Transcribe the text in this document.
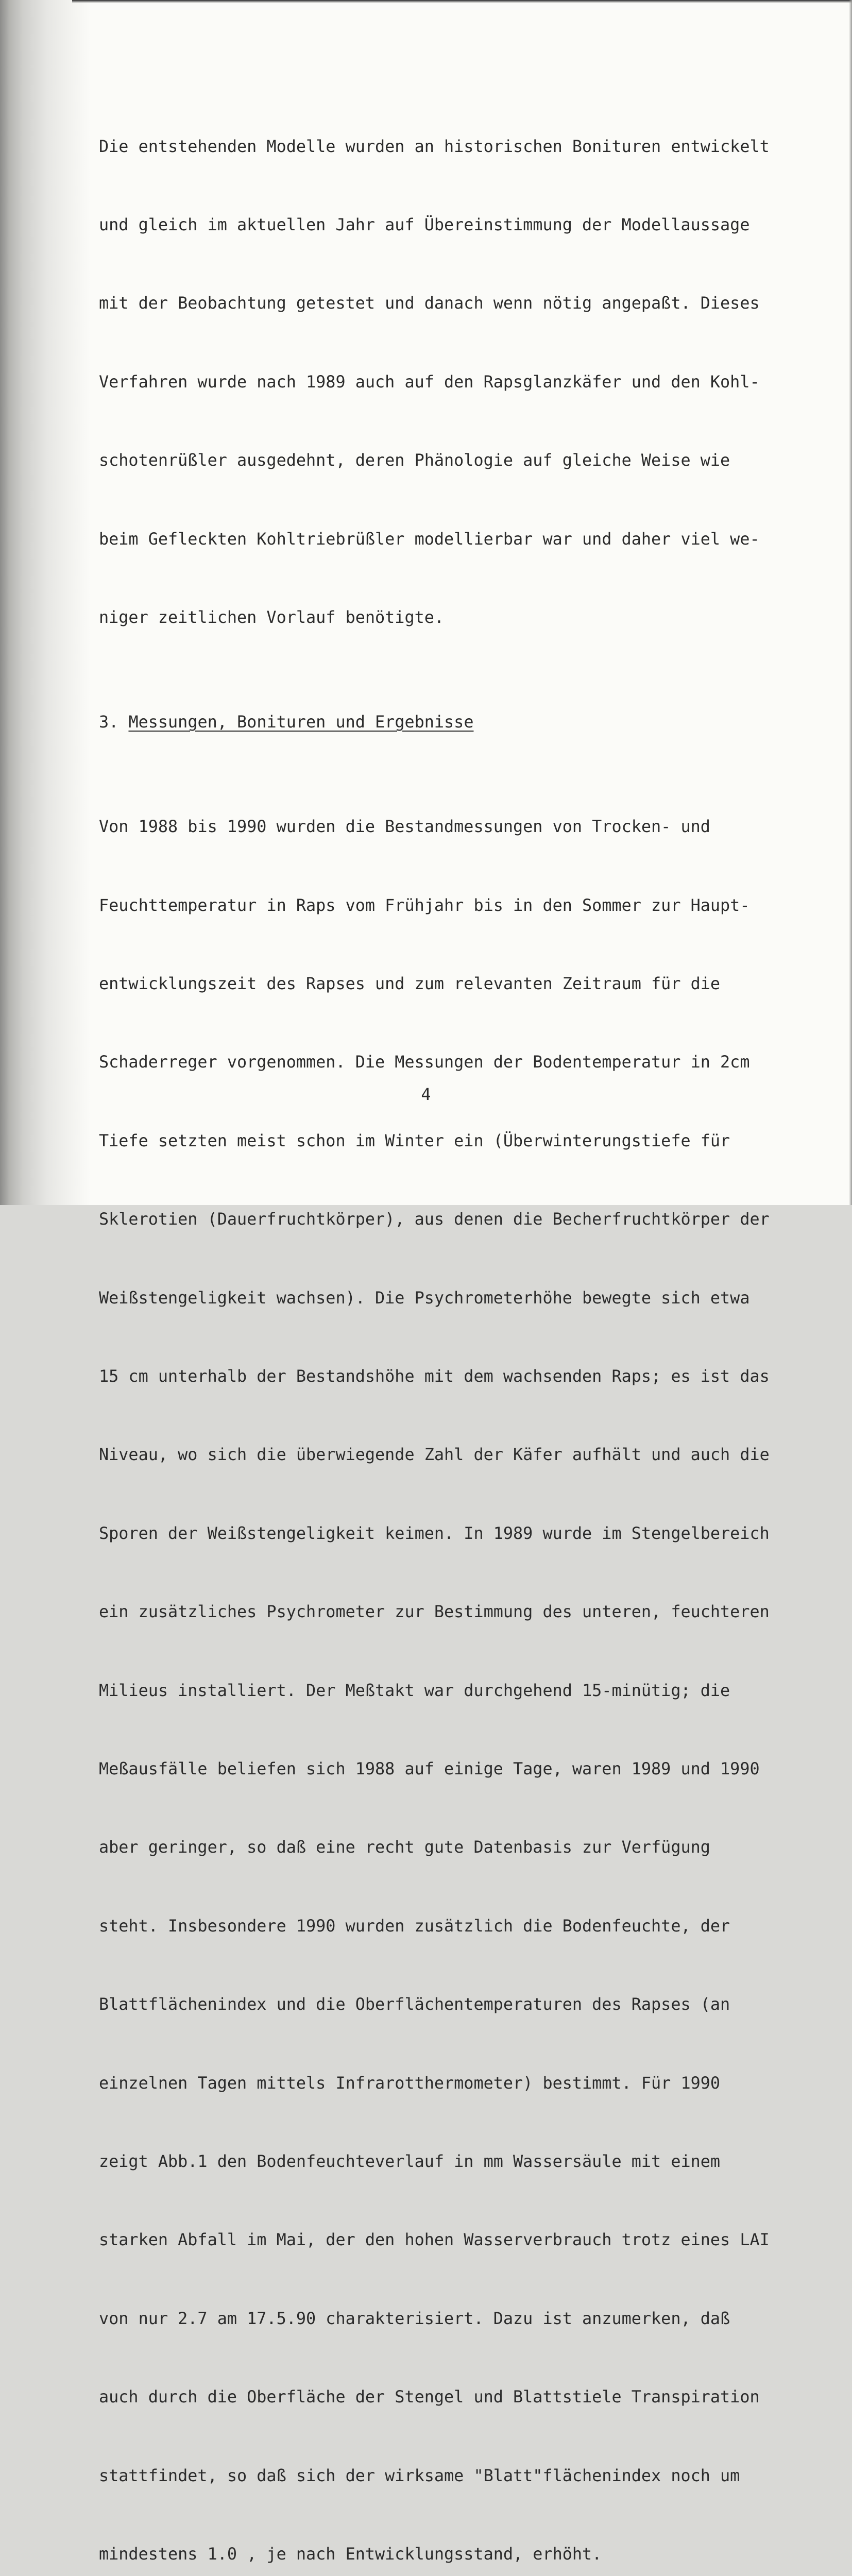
Die entstehenden Modelle wurden an historischen Bonituren entwickelt

und gleich im aktuellen Jahr auf Übereinstimmung der Modellaussage

mit der Beobachtung getestet und danach wenn nötig angepaßt. Dieses

Verfahren wurde nach 1989 auch auf den Rapsglanzkäfer und den Kohl-

schotenrüßler ausgedehnt, deren Phänologie auf gleiche Weise wie

beim Gefleckten Kohltriebrüßler modellierbar war und daher viel we-

niger zeitlichen Vorlauf benötigte.

3. Messungen, Bonituren und Ergebnisse

Von 1988 bis 1990 wurden die Bestandmessungen von Trocken- und

Feuchttemperatur in Raps vom Frühjahr bis in den Sommer zur Haupt-

entwicklungszeit des Rapses und zum relevanten Zeitraum für die

Schaderreger vorgenommen. Die Messungen der Bodentemperatur in 2cm

Tiefe setzten meist schon im Winter ein (Überwinterungstiefe für

Sklerotien (Dauerfruchtkörper), aus denen die Becherfruchtkörper der

Weißstengeligkeit wachsen). Die Psychrometerhöhe bewegte sich etwa

15 cm unterhalb der Bestandshöhe mit dem wachsenden Raps; es ist das

Niveau, wo sich die überwiegende Zahl der Käfer aufhält und auch die

Sporen der Weißstengeligkeit keimen. In 1989 wurde im Stengelbereich

ein zusätzliches Psychrometer zur Bestimmung des unteren, feuchteren

Milieus installiert. Der Meßtakt war durchgehend 15-minütig; die

Meßausfälle beliefen sich 1988 auf einige Tage, waren 1989 und 1990

aber geringer, so daß eine recht gute Datenbasis zur Verfügung

steht. Insbesondere 1990 wurden zusätzlich die Bodenfeuchte, der

Blattflächenindex und die Oberflächentemperaturen des Rapses (an

einzelnen Tagen mittels Infrarotthermometer) bestimmt. Für 1990

zeigt Abb.1 den Bodenfeuchteverlauf in mm Wassersäule mit einem

starken Abfall im Mai, der den hohen Wasserverbrauch trotz eines LAI

von nur 2.7 am 17.5.90 charakterisiert. Dazu ist anzumerken, daß

auch durch die Oberfläche der Stengel und Blattstiele Transpiration

stattfindet, so daß sich der wirksame "Blatt"flächenindex noch um

mindestens 1.0 , je nach Entwicklungsstand, erhöht.

4
